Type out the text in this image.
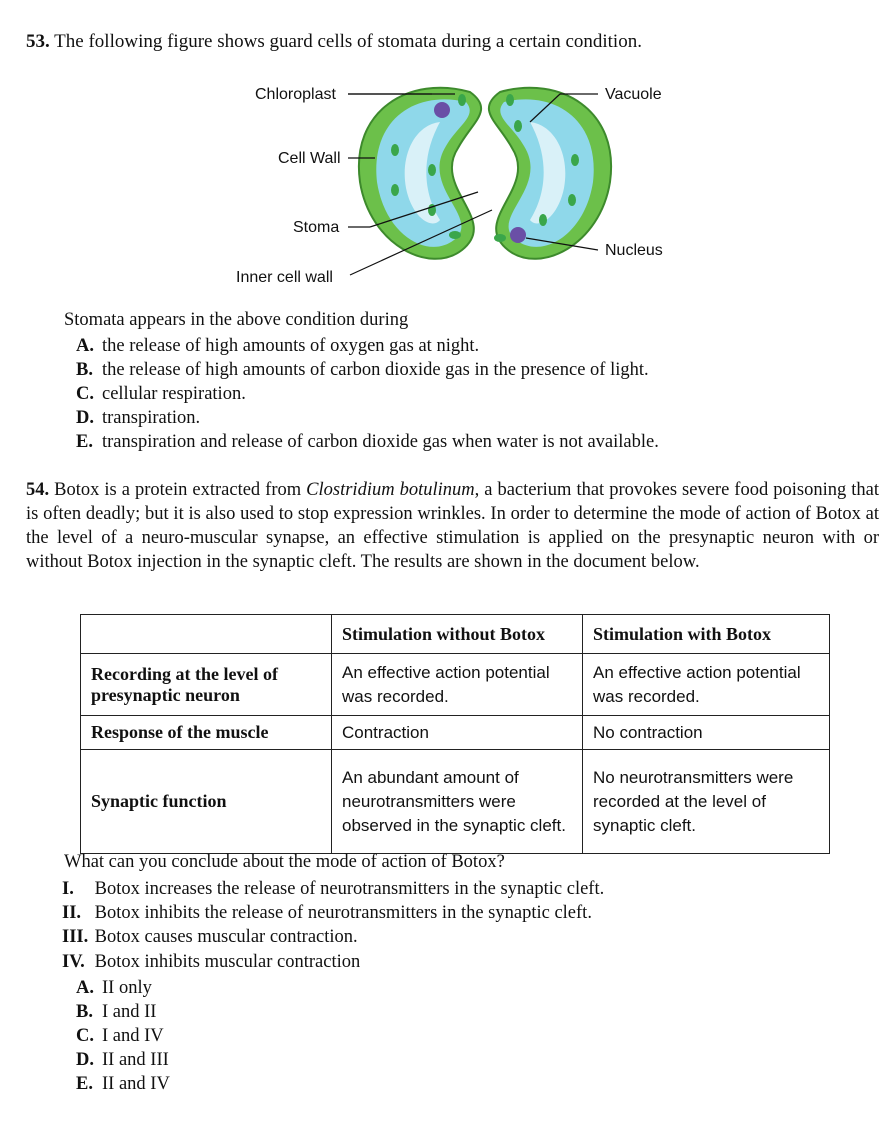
53. The following figure shows guard cells of stomata during a certain condition.
Chloroplast
Cell Wall
Stoma
Inner cell wall
Vacuole
Nucleus
Stomata appears in the above condition during
A. the release of high amounts of oxygen gas at night.
B. the release of high amounts of carbon dioxide gas in the presence of light.
C. cellular respiration.
D. transpiration.
E. transpiration and release of carbon dioxide gas when water is not available.
54. Botox is a protein extracted from Clostridium botulinum, a bacterium that provokes severe food poisoning that is often deadly; but it is also used to stop expression wrinkles. In order to determine the mode of action of Botox at the level of a neuro-muscular synapse, an effective stimulation is applied on the presynaptic neuron with or without Botox injection in the synaptic cleft. The results are shown in the document below.
	Stimulation without Botox	Stimulation with Botox
Recording at the level of presynaptic neuron	An effective action potential was recorded.	An effective action potential was recorded.
Response of the muscle	Contraction	No contraction
Synaptic function	An abundant amount of neurotransmitters were observed in the synaptic cleft.	No neurotransmitters were recorded at the level of synaptic cleft.
What can you conclude about the mode of action of Botox?
I. Botox increases the release of neurotransmitters in the synaptic cleft.
II. Botox inhibits the release of neurotransmitters in the synaptic cleft.
III. Botox causes muscular contraction.
IV. Botox inhibits muscular contraction
A. II only
B. I and II
C. I and IV
D. II and III
E. II and IV
